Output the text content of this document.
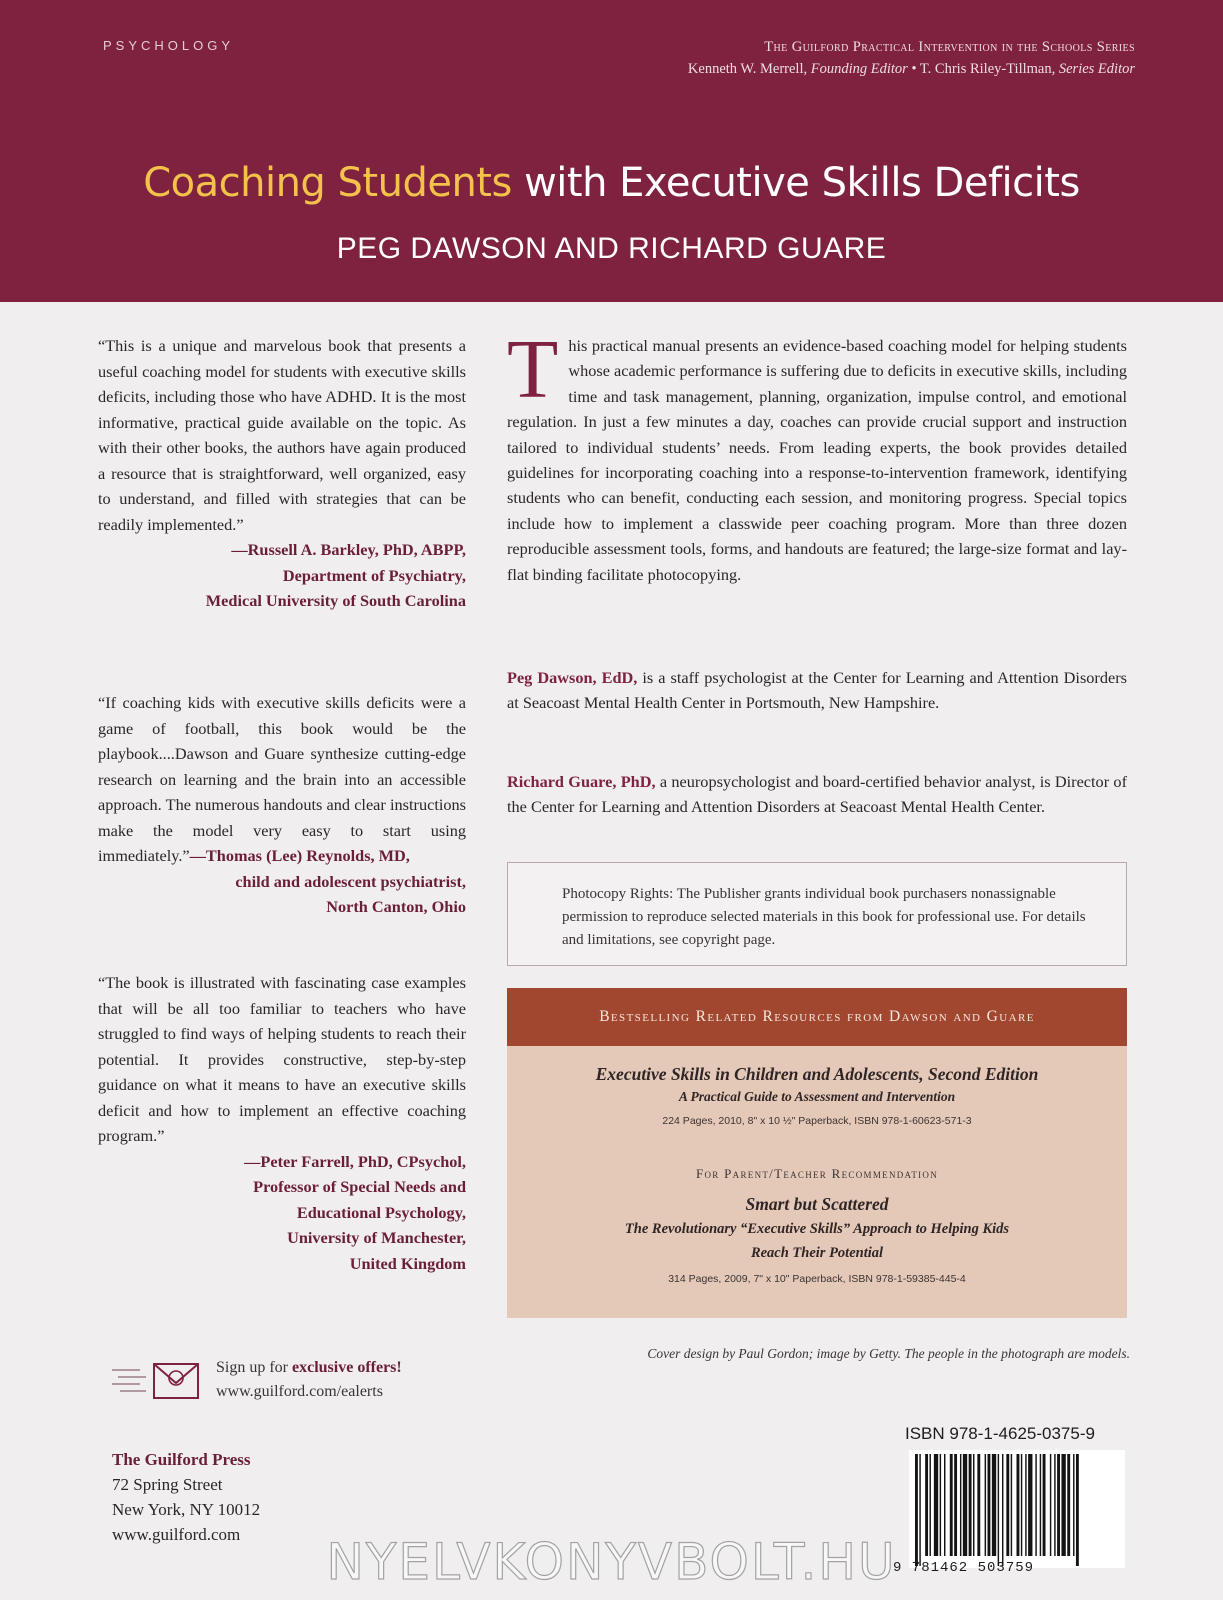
PSYCHOLOGY	The Guilford Practical Intervention in the Schools Series
Kenneth W. Merrell, Founding Editor • T. Chris Riley-Tillman, Series Editor
Coaching Students with Executive Skills Deficits
PEG DAWSON AND RICHARD GUARE

“This is a unique and marvelous book that presents a useful coaching model for students with executive skills deficits, including those who have ADHD. It is the most informative, practical guide available on the topic. As with their other books, the authors have again produced a resource that is straightforward, well organized, easy to understand, and filled with strategies that can be readily implemented.”

—Russell A. Barkley, PhD, ABPP,
Department of Psychiatry,
Medical University of South Carolina

“If coaching kids with executive skills deficits were a game of football, this book would be the playbook....Dawson and Guare synthesize cutting-edge research on learning and the brain into an accessible approach. The numerous handouts and clear instructions make the model very easy to start using immediately.”—Thomas (Lee) Reynolds, MD,

child and adolescent psychiatrist,
North Canton, Ohio

“The book is illustrated with fascinating case examples that will be all too familiar to teachers who have struggled to find ways of helping students to reach their potential. It provides constructive, step-by-step guidance on what it means to have an executive skills deficit and how to implement an effective coaching program.”

—Peter Farrell, PhD, CPsychol,
Professor of Special Needs and
Educational Psychology,
University of Manchester,
United Kingdom
Sign up for exclusive offers!
www.guilford.com/ealerts
The Guilford Press
72 Spring Street
New York, NY 10012
www.guilford.com

This practical manual presents an evidence-based coaching model for helping students whose academic performance is suffering due to deficits in executive skills, including time and task management, planning, organization, impulse control, and emotional regulation. In just a few minutes a day, coaches can provide crucial support and instruction tailored to individual students’ needs. From leading experts, the book provides detailed guidelines for incorporating coaching into a response-to-intervention framework, identifying students who can benefit, conducting each session, and monitoring progress. Special topics include how to implement a classwide peer coaching program. More than three dozen reproducible assessment tools, forms, and handouts are featured; the large-size format and lay-flat binding facilitate photocopying.

Peg Dawson, EdD, is a staff psychologist at the Center for Learning and Attention Disorders at Seacoast Mental Health Center in Portsmouth, New Hampshire.

Richard Guare, PhD, a neuropsychologist and board-certified behavior analyst, is Director of the Center for Learning and Attention Disorders at Seacoast Mental Health Center.

Photocopy Rights: The Publisher grants individual book purchasers nonassignable permission to reproduce selected materials in this book for professional use. For details and limitations, see copyright page.

Bestselling Related Resources from Dawson and Guare
Executive Skills in Children and Adolescents, Second Edition
A Practical Guide to Assessment and Intervention
224 Pages, 2010, 8" x 10 ½" Paperback, ISBN 978-1-60623-571-3
For Parent/Teacher Recommendation
Smart but Scattered
The Revolutionary “Executive Skills” Approach to Helping Kids
Reach Their Potential
314 Pages, 2009, 7" x 10" Paperback, ISBN 978-1-59385-445-4
Cover design by Paul Gordon; image by Getty. The people in the photograph are models.
ISBN 978-1-4625-0375-9
9 781462 503759
NYELVKONYVBOLT.HU
